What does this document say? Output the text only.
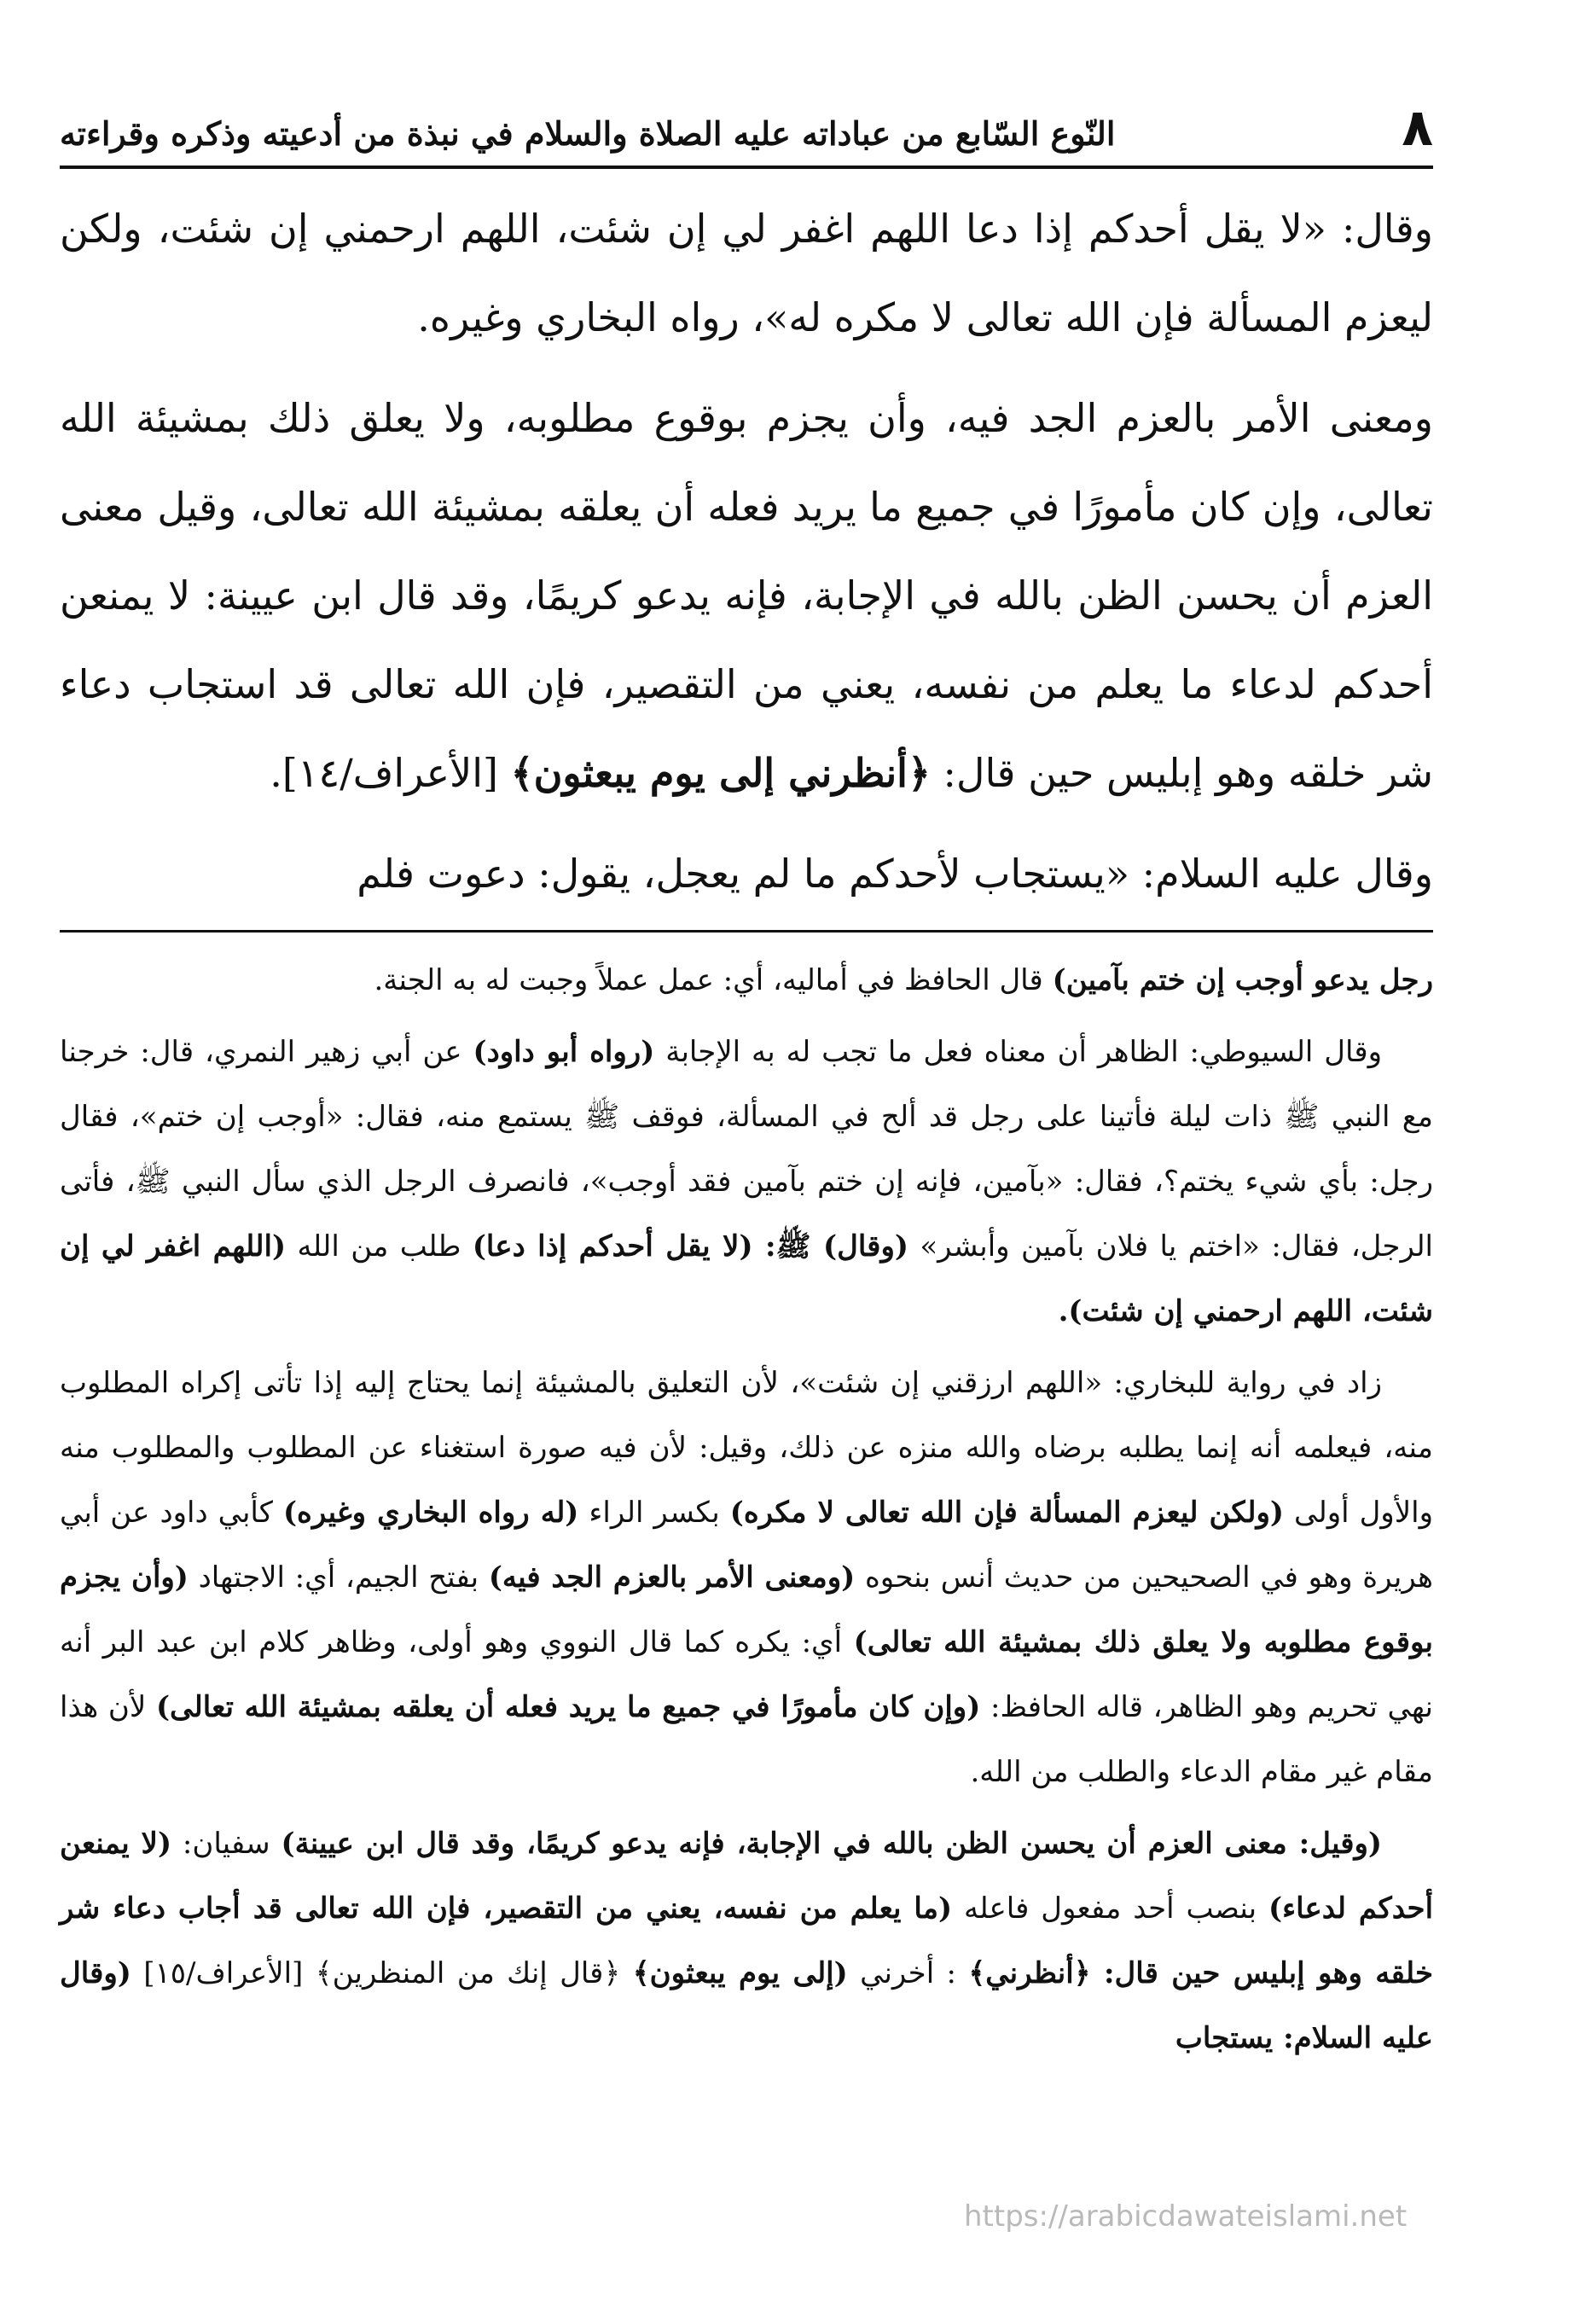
٨
النّوع السّابع من عباداته عليه الصلاة والسلام في نبذة من أدعيته وذكره وقراءته

وقال: «لا يقل أحدكم إذا دعا اللهم اغفر لي إن شئت، اللهم ارحمني إن شئت، ولكن ليعزم المسألة فإن الله تعالى لا مكره له»، رواه البخاري وغيره.

ومعنى الأمر بالعزم الجد فيه، وأن يجزم بوقوع مطلوبه، ولا يعلق ذلك بمشيئة الله تعالى، وإن كان مأمورًا في جميع ما يريد فعله أن يعلقه بمشيئة الله تعالى، وقيل معنى العزم أن يحسن الظن بالله في الإجابة، فإنه يدعو كريمًا، وقد قال ابن عيينة: لا يمنعن أحدكم لدعاء ما يعلم من نفسه، يعني من التقصير، فإن الله تعالى قد استجاب دعاء شر خلقه وهو إبليس حين قال: ﴿أنظرني إلى يوم يبعثون﴾ [الأعراف/١٤].

وقال عليه السلام: «يستجاب لأحدكم ما لم يعجل، يقول: دعوت فلم

رجل يدعو أوجب إن ختم بآمين) قال الحافظ في أماليه، أي: عمل عملاً وجبت له به الجنة.

وقال السيوطي: الظاهر أن معناه فعل ما تجب له به الإجابة (رواه أبو داود) عن أبي زهير النمري، قال: خرجنا مع النبي ﷺ ذات ليلة فأتينا على رجل قد ألح في المسألة، فوقف ﷺ يستمع منه، فقال: «أوجب إن ختم»، فقال رجل: بأي شيء يختم؟، فقال: «بآمين، فإنه إن ختم بآمين فقد أوجب»، فانصرف الرجل الذي سأل النبي ﷺ، فأتى الرجل، فقال: «اختم يا فلان بآمين وأبشر» (وقال) ﷺ: (لا يقل أحدكم إذا دعا) طلب من الله (اللهم اغفر لي إن شئت، اللهم ارحمني إن شئت).

زاد في رواية للبخاري: «اللهم ارزقني إن شئت»، لأن التعليق بالمشيئة إنما يحتاج إليه إذا تأتى إكراه المطلوب منه، فيعلمه أنه إنما يطلبه برضاه والله منزه عن ذلك، وقيل: لأن فيه صورة استغناء عن المطلوب والمطلوب منه والأول أولى (ولكن ليعزم المسألة فإن الله تعالى لا مكره) بكسر الراء (له رواه البخاري وغيره) كأبي داود عن أبي هريرة وهو في الصحيحين من حديث أنس بنحوه (ومعنى الأمر بالعزم الجد فيه) بفتح الجيم، أي: الاجتهاد (وأن يجزم بوقوع مطلوبه ولا يعلق ذلك بمشيئة الله تعالى) أي: يكره كما قال النووي وهو أولى، وظاهر كلام ابن عبد البر أنه نهي تحريم وهو الظاهر، قاله الحافظ: (وإن كان مأمورًا في جميع ما يريد فعله أن يعلقه بمشيئة الله تعالى) لأن هذا مقام غير مقام الدعاء والطلب من الله.

(وقيل: معنى العزم أن يحسن الظن بالله في الإجابة، فإنه يدعو كريمًا، وقد قال ابن عيينة) سفيان: (لا يمنعن أحدكم لدعاء) بنصب أحد مفعول فاعله (ما يعلم من نفسه، يعني من التقصير، فإن الله تعالى قد أجاب دعاء شر خلقه وهو إبليس حين قال: ﴿أنظرني﴾ : أخرني (إلى يوم يبعثون﴾ ﴿قال إنك من المنظرين﴾ [الأعراف/١٥] (وقال عليه السلام: يستجاب

https://arabicdawateislami.net
